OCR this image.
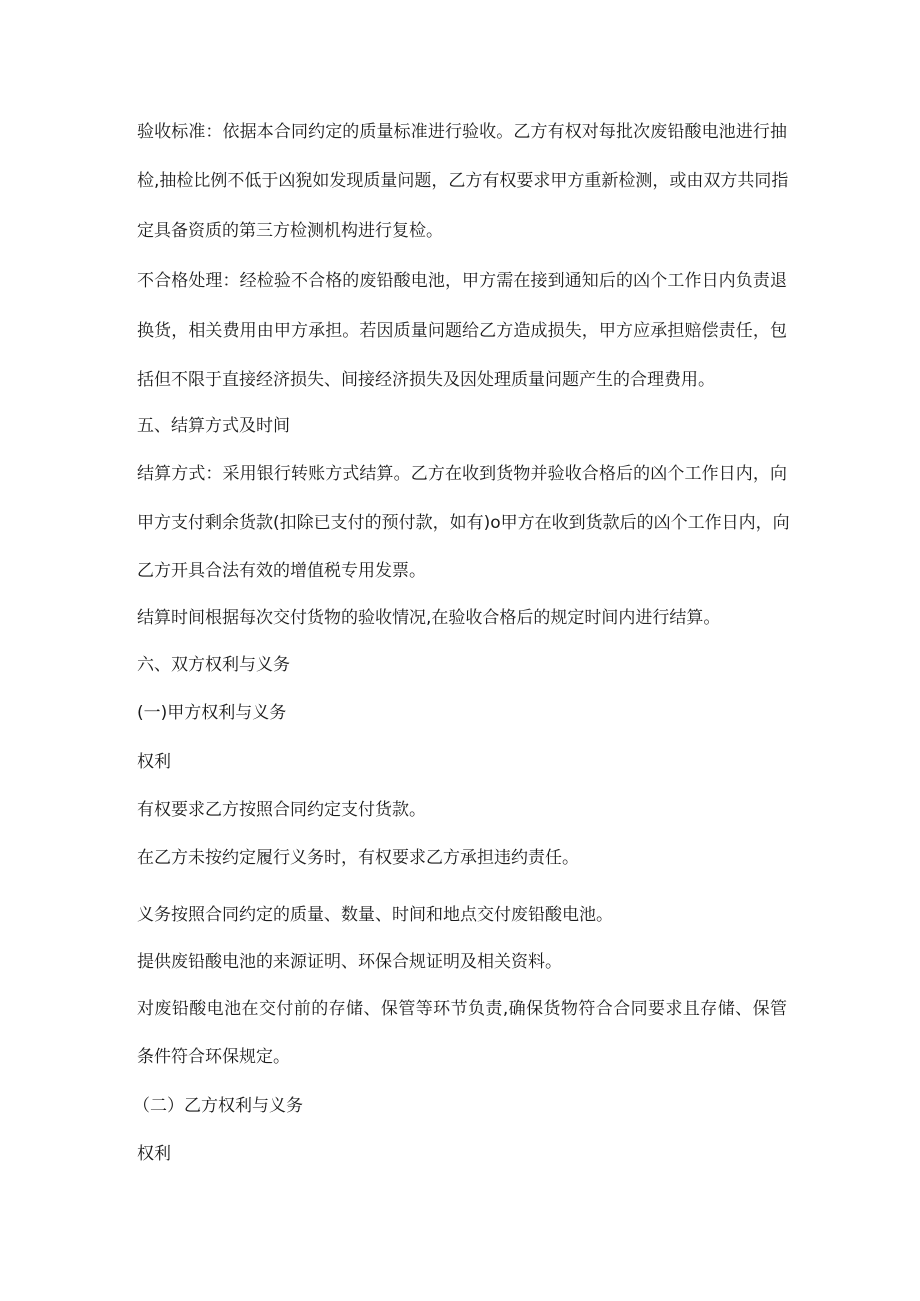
验收标准：依据本合同约定的质量标准进行验收。乙方有权对每批次废铅酸电池进行抽
检,抽检比例不低于凶猊如发现质量问题，乙方有权要求甲方重新检测，或由双方共同指
定具备资质的第三方检测机构进行复检。
不合格处理：经检验不合格的废铅酸电池，甲方需在接到通知后的凶个工作日内负责退
换货，相关费用由甲方承担。若因质量问题给乙方造成损失，甲方应承担赔偿责任，包
括但不限于直接经济损失、间接经济损失及因处理质量问题产生的合理费用。
五、结算方式及时间
结算方式：采用银行转账方式结算。乙方在收到货物并验收合格后的凶个工作日内，向
甲方支付剩余货款(扣除已支付的预付款，如有)o甲方在收到货款后的凶个工作日内，向
乙方开具合法有效的增值税专用发票。
结算时间根据每次交付货物的验收情况,在验收合格后的规定时间内进行结算。
六、双方权利与义务
(一)甲方权利与义务
权利
有权要求乙方按照合同约定支付货款。
在乙方未按约定履行义务时，有权要求乙方承担违约责任。
义务按照合同约定的质量、数量、时间和地点交付废铅酸电池。
提供废铅酸电池的来源证明、环保合规证明及相关资料。
对废铅酸电池在交付前的存储、保管等环节负责,确保货物符合合同要求且存储、保管
条件符合环保规定。
（二）乙方权利与义务
权利
